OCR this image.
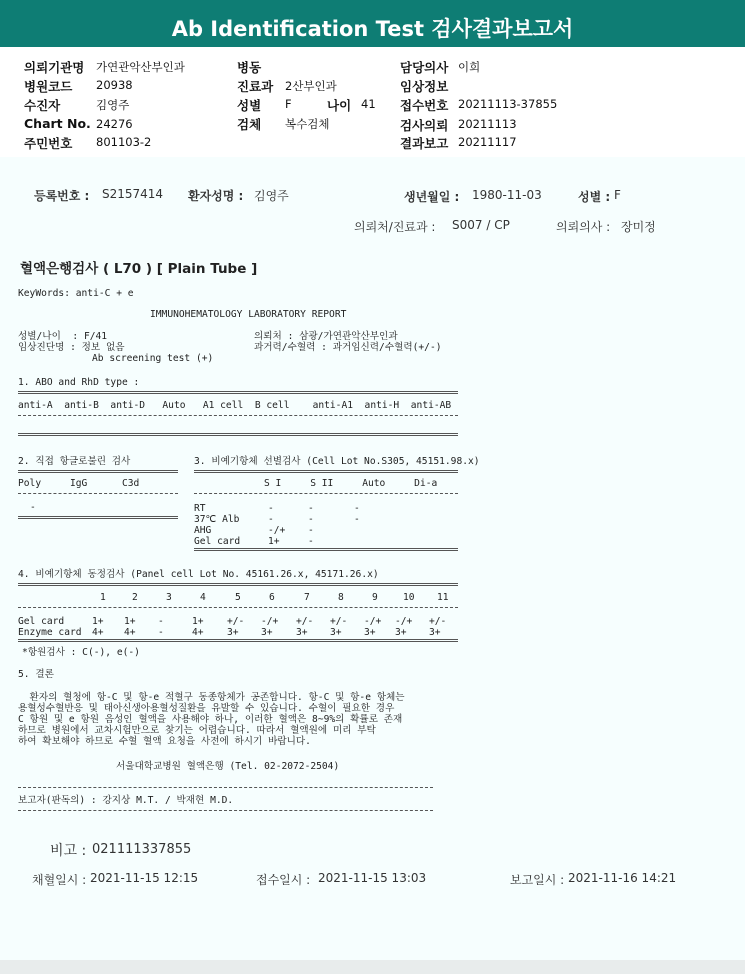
Ab Identification Test 검사결과보고서
의뢰기관명 가연관악산부인과
병원코드 20938
수진자	김영주
Chart No. 24276
주민번호 801103-2
병동
진료과 2산부인과
성별 F	나이 41
검체 복수검체
담당의사 이희
임상정보
접수번호 20211113-37855
검사의뢰 20211113
결과보고 20211117
등록번호 : S2157414 환자성명 : 김영주	생년월일 : 1980-11-03	성별 : F
의뢰처/진료과 : S007 / CP	의뢰의사 : 장미정
혈액은행검사 ( L70 ) [ Plain Tube ]
KeyWords: anti-C + e
IMMUNOHEMATOLOGY LABORATORY REPORT
성별/나이  : F/41
임상진단명 : 정보 없음
Ab screening test (+)
의뢰처 : 삼광/가연관악산부인과
과거력/수혈력 : 과거임신력/수혈력(+/-)
1. ABO and RhD type :
anti-A  anti-B  anti-D   Auto   A1 cell  B cell    anti-A1  anti-H  anti-AB
2. 직접 항글로불린 검사	3. 비예기항체 선별검사 (Cell Lot No.S305, 45151.98.x)
Poly     IgG      C3d	S I     S II     Auto     Di-a
-	RT	-	-	-
37℃ Alb	-	-	-
AHG	-/+ -
Gel card	1+	-
4. 비예기항체 동정검사 (Panel cell Lot No. 45161.26.x, 45171.26.x)
1	2	3	4	5	6	7	8	9	10 11
Gel card	1+ 1+ -	1+ +/- -/+ +/- +/- -/+ -/+ +/-
Enzyme card 4+ 4+ -	4+ 3+ 3+ 3+ 3+ 3+ 3+ 3+
*항원검사 : C(-), e(-)
5. 결론
환자의 혈청에 항-C 및 항-e 적혈구 동종항체가 공존합니다. 항-C 및 항-e 항체는
용혈성수혈반응 및 태아신생아용혈성질환을 유발할 수 있습니다. 수혈이 필요한 경우
C 항원 및 e 항원 음성인 혈액을 사용해야 하나, 이러한 혈액은 8~9%의 확률로 존재
하므로 병원에서 교차시험만으로 찾기는 어렵습니다. 따라서 혈액원에 미리 부탁
하여 확보해야 하므로 수혈 혈액 요청을 사전에 하시기 바랍니다.
서울대학교병원 혈액은행 (Tel. 02-2072-2504)
보고자(판독의) : 강지상 M.T. / 박재현 M.D.
비고 : 021111337855
채혈일시 : 2021-11-15 12:15	접수일시 : 2021-11-15 13:03	보고일시 : 2021-11-16 14:21
